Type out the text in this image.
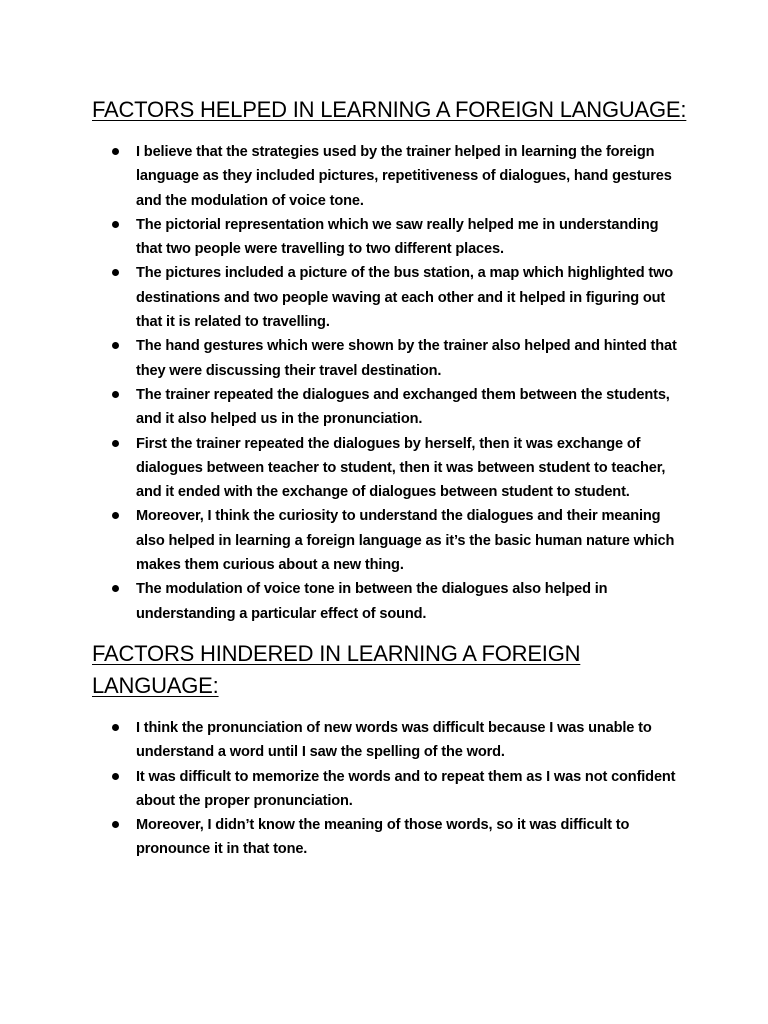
FACTORS HELPED IN LEARNING A FOREIGN LANGUAGE:
I believe that the strategies used by the trainer helped in learning the foreign language as they included pictures, repetitiveness of dialogues, hand gestures and the modulation of voice tone.
The pictorial representation which we saw really helped me in understanding that two people were travelling to two different places.
The pictures included a picture of the bus station, a map which highlighted two destinations and two people waving at each other and it helped in figuring out that it is related to travelling.
The hand gestures which were shown by the trainer also helped and hinted that they were discussing their travel destination.
The trainer repeated the dialogues and exchanged them between the students, and it also helped us in the pronunciation.
First the trainer repeated the dialogues by herself, then it was exchange of dialogues between teacher to student, then it was between student to teacher, and it ended with the exchange of dialogues between student to student.
Moreover, I think the curiosity to understand the dialogues and their meaning also helped in learning a foreign language as it’s the basic human nature which makes them curious about a new thing.
The modulation of voice tone in between the dialogues also helped in understanding a particular effect of sound.
FACTORS HINDERED IN LEARNING A FOREIGN LANGUAGE:
I think the pronunciation of new words was difficult because I was unable to understand a word until I saw the spelling of the word.
It was difficult to memorize the words and to repeat them as I was not confident about the proper pronunciation.
Moreover, I didn’t know the meaning of those words, so it was difficult to pronounce it in that tone.
